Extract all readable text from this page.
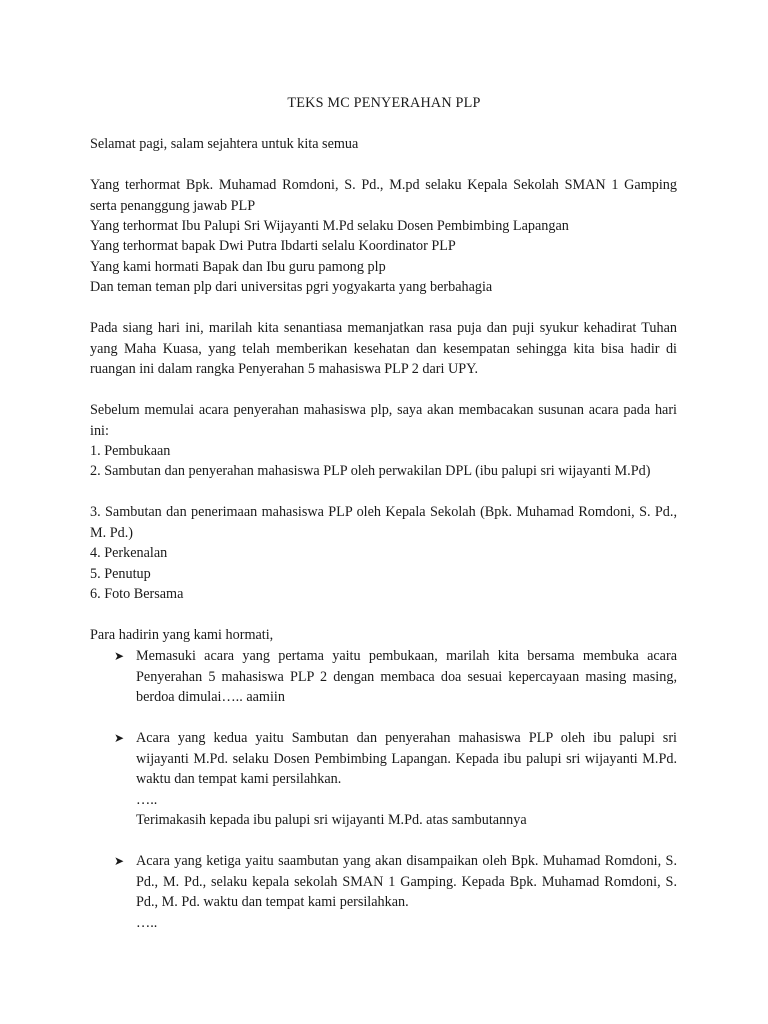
TEKS MC PENYERAHAN PLP
Selamat pagi, salam sejahtera untuk kita semua
Yang terhormat Bpk. Muhamad Romdoni, S. Pd., M.pd selaku Kepala Sekolah SMAN 1 Gamping serta penanggung jawab PLP
Yang terhormat Ibu Palupi Sri Wijayanti M.Pd selaku Dosen Pembimbing Lapangan
Yang terhormat bapak Dwi Putra Ibdarti selalu Koordinator PLP
Yang kami hormati Bapak dan Ibu guru pamong plp
Dan teman teman plp dari universitas pgri yogyakarta yang berbahagia
Pada siang hari ini, marilah kita senantiasa memanjatkan rasa puja dan puji syukur kehadirat Tuhan yang Maha Kuasa, yang telah memberikan kesehatan dan kesempatan sehingga kita bisa hadir di ruangan ini dalam rangka Penyerahan 5 mahasiswa PLP 2 dari UPY.
Sebelum memulai acara penyerahan mahasiswa plp, saya akan membacakan susunan acara pada hari ini:
1. Pembukaan
2. Sambutan dan penyerahan mahasiswa PLP oleh perwakilan DPL (ibu palupi sri wijayanti M.Pd)
3. Sambutan dan penerimaan mahasiswa PLP oleh Kepala Sekolah (Bpk. Muhamad Romdoni, S. Pd., M. Pd.)
4. Perkenalan
5. Penutup
6. Foto Bersama
Para hadirin yang kami hormati,
➤ Memasuki acara yang pertama yaitu pembukaan, marilah kita bersama membuka acara Penyerahan 5 mahasiswa PLP 2 dengan membaca doa sesuai kepercayaan masing masing, berdoa dimulai….. aamiin
➤ Acara yang kedua yaitu Sambutan dan penyerahan mahasiswa PLP oleh ibu palupi sri wijayanti M.Pd. selaku Dosen Pembimbing Lapangan. Kepada ibu palupi sri wijayanti M.Pd. waktu dan tempat kami persilahkan.
…..
Terimakasih kepada ibu palupi sri wijayanti M.Pd. atas sambutannya
➤ Acara yang ketiga yaitu saambutan yang akan disampaikan oleh Bpk. Muhamad Romdoni, S. Pd., M. Pd., selaku kepala sekolah SMAN 1 Gamping. Kepada Bpk. Muhamad Romdoni, S. Pd., M. Pd. waktu dan tempat kami persilahkan.
…..
